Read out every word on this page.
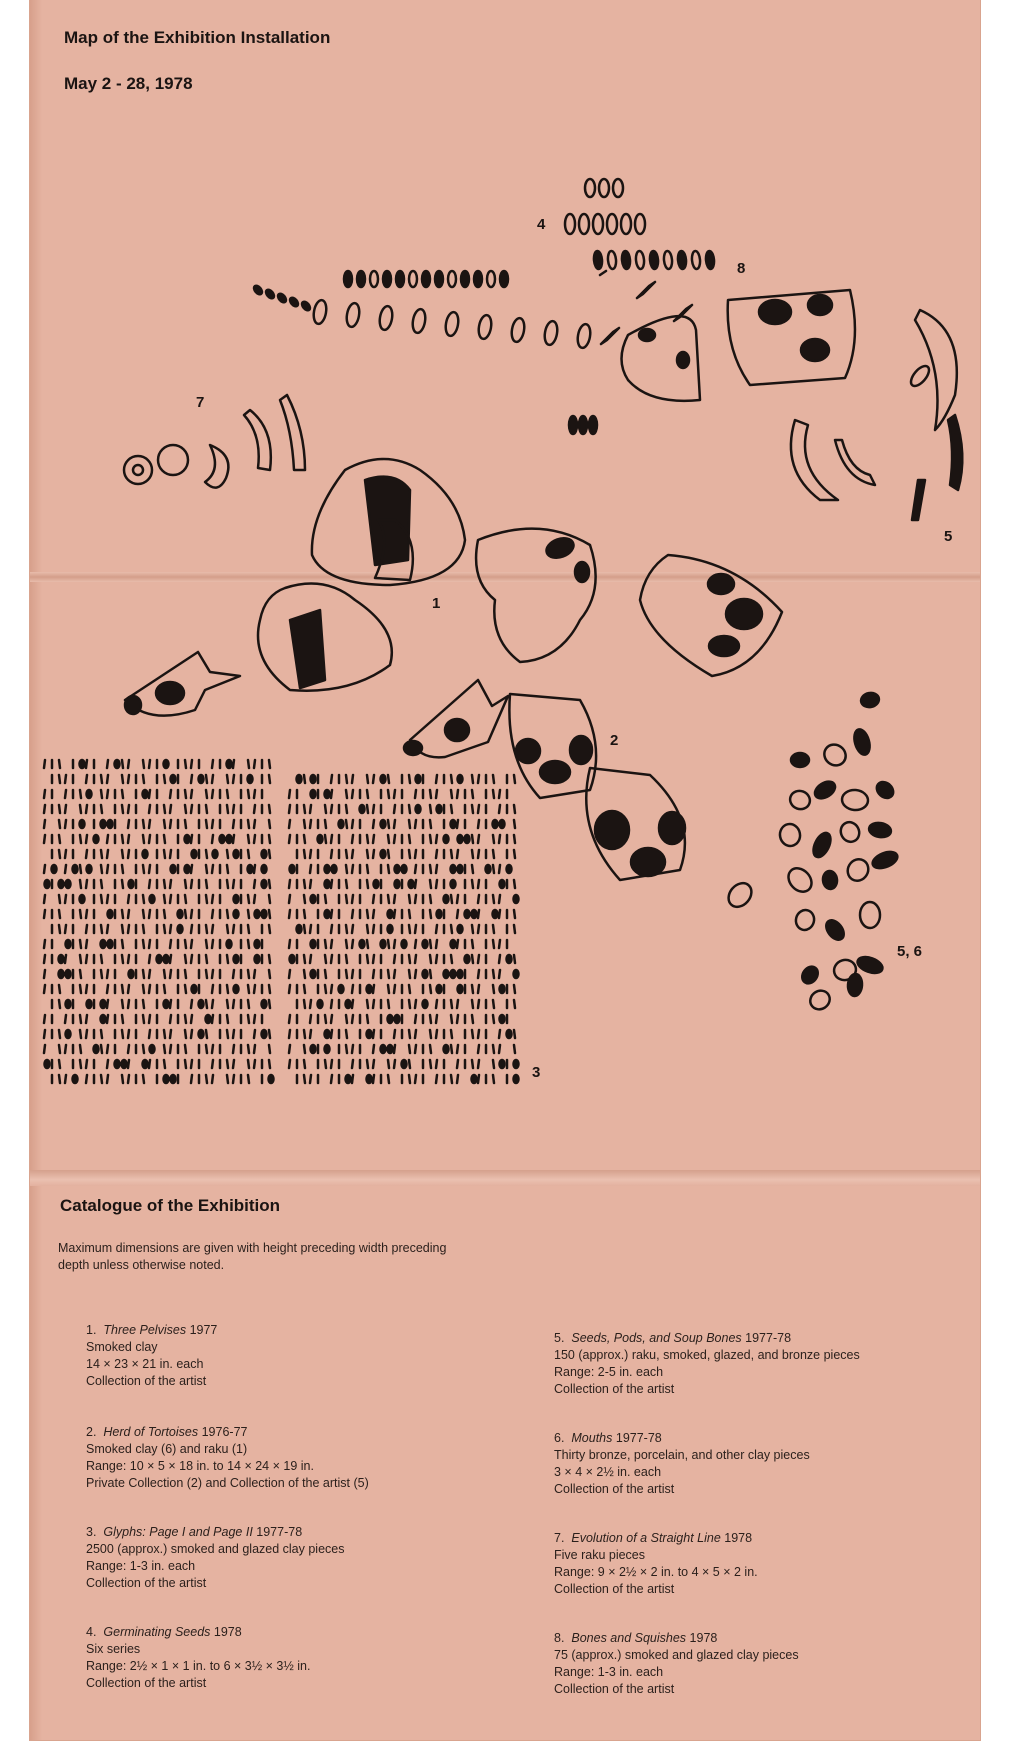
Map of the Exhibition Installation
May 2 - 28, 1978
4
8
7
5
1
2
5, 6
3
Catalogue of the Exhibition
Maximum dimensions are given with height preceding width preceding depth unless otherwise noted.
1. Three Pelvises 1977
Smoked clay
14 × 23 × 21 in. each
Collection of the artist
2. Herd of Tortoises 1976-77
Smoked clay (6) and raku (1)
Range: 10 × 5 × 18 in. to 14 × 24 × 19 in.
Private Collection (2) and Collection of the artist (5)
3. Glyphs: Page I and Page II 1977-78
2500 (approx.) smoked and glazed clay pieces
Range: 1-3 in. each
Collection of the artist
4. Germinating Seeds 1978
Six series
Range: 2½ × 1 × 1 in. to 6 × 3½ × 3½ in.
Collection of the artist
5. Seeds, Pods, and Soup Bones 1977-78
150 (approx.) raku, smoked, glazed, and bronze pieces
Range: 2-5 in. each
Collection of the artist
6. Mouths 1977-78
Thirty bronze, porcelain, and other clay pieces
3 × 4 × 2½ in. each
Collection of the artist
7. Evolution of a Straight Line 1978
Five raku pieces
Range: 9 × 2½ × 2 in. to 4 × 5 × 2 in.
Collection of the artist
8. Bones and Squishes 1978
75 (approx.) smoked and glazed clay pieces
Range: 1-3 in. each
Collection of the artist
